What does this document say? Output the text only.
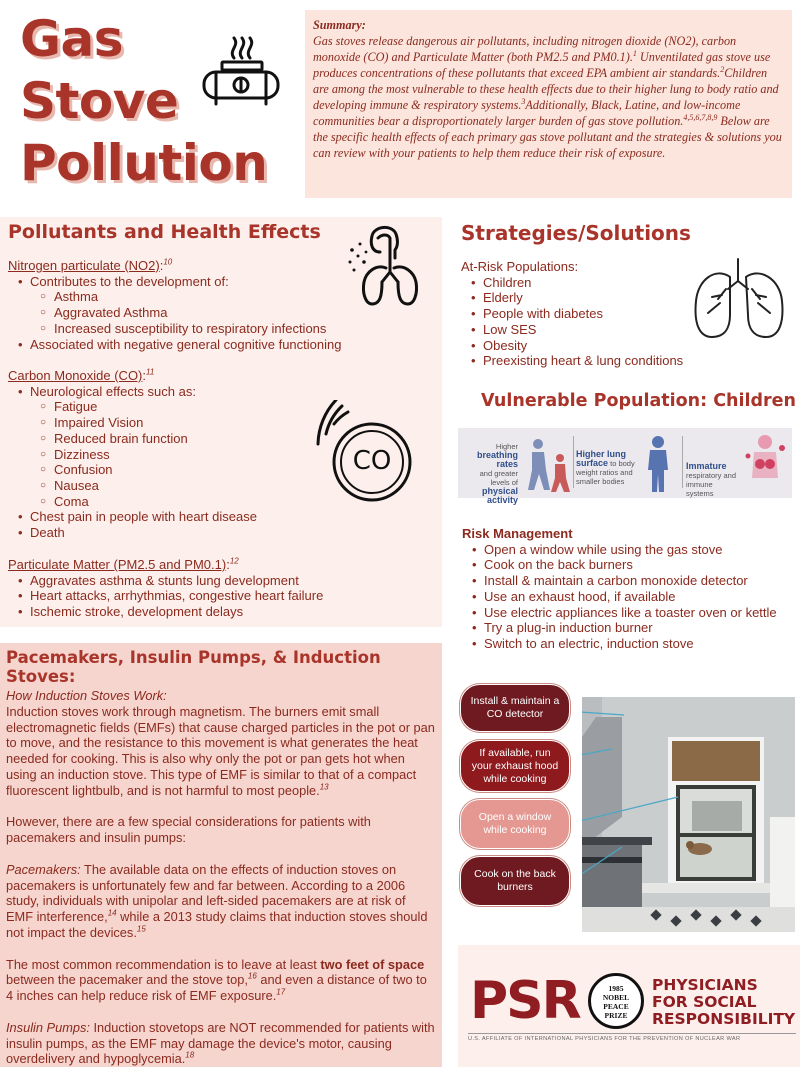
Gas
Stove
Pollution
Summary:
Gas stoves release dangerous air pollutants, including nitrogen dioxide (NO2), carbon monoxide (CO) and Particulate Matter (both PM2.5 and PM0.1).$^1$ Unventilated gas stove use produces concentrations of these pollutants that exceed EPA ambient air standards.$^2$Children are among the most vulnerable to these health effects due to their higher lung to body ratio and developing immune & respiratory systems.$^3$Additionally, Black, Latine, and low-income communities bear a disproportionately larger burden of gas stove pollution.$^{4,5,6,7,8,9}$ Below are the specific health effects of each primary gas stove pollutant and the strategies & solutions you can review with your patients to help them reduce their risk of exposure.
Pollutants and Health Effects
Nitrogen particulate (NO2):$^{10}$
• Contributes to the development of:
○ Asthma
○ Aggravated Asthma
○ Increased susceptibility to respiratory infections
• Associated with negative general cognitive functioning
Carbon Monoxide (CO):$^{11}$
• Neurological effects such as:
○ Fatigue
○ Impaired Vision
○ Reduced brain function
○ Dizziness
○ Confusion
○ Nausea
○ Coma
• Chest pain in people with heart disease
• Death
CO
Particulate Matter (PM2.5 and PM0.1):$^{12}$
• Aggravates asthma & stunts lung development
• Heart attacks, arrhythmias, congestive heart failure
• Ischemic stroke, development delays
Strategies/Solutions
At-Risk Populations:
• Children
• Elderly
• People with diabetes
• Low SES
• Obesity
• Preexisting heart & lung conditions
Vulnerable Population: Children
Higher
breathing rates
and greater levels of
physical activity
Higher lung surface to body weight ratios and smaller bodies
Immature
respiratory and immune systems
Risk Management
• Open a window while using the gas stove
• Cook on the back burners
• Install & maintain a carbon monoxide detector
• Use an exhaust hood, if available
• Use electric appliances like a toaster oven or kettle
• Try a plug-in induction burner
• Switch to an electric, induction stove
Install & maintain a CO detector
If available, run your exhaust hood while cooking
Open a window while cooking
Cook on the back burners
Pacemakers, Insulin Pumps, & Induction Stoves:
How Induction Stoves Work:

Induction stoves work through magnetism. The burners emit small electromagnetic fields (EMFs) that cause charged particles in the pot or pan to move, and the resistance to this movement is what generates the heat needed for cooking. This is also why only the pot or pan gets hot when using an induction stove. This type of EMF is similar to that of a compact fluorescent lightbulb, and is not harmful to most people.$^{13}$

However, there are a few special considerations for patients with pacemakers and insulin pumps:

Pacemakers: The available data on the effects of induction stoves on pacemakers is unfortunately few and far between. According to a 2006 study, individuals with unipolar and left-sided pacemakers are at risk of EMF interference,$^{14}$ while a 2013 study claims that induction stoves should not impact the devices.$^{15}$

The most common recommendation is to leave at least two feet of space between the pacemaker and the stove top,$^{16}$ and even a distance of two to 4 inches can help reduce risk of EMF exposure.$^{17}$

Insulin Pumps: Induction stovetops are NOT recommended for patients with insulin pumps, as the EMF may damage the device's motor, causing overdelivery and hypoglycemia.$^{18}$

PSR	1985
NOBEL
PEACE
PRIZE
PHYSICIANS
FOR SOCIAL
RESPONSIBILITY
U.S. AFFILIATE OF INTERNATIONAL PHYSICIANS FOR THE PREVENTION OF NUCLEAR WAR
